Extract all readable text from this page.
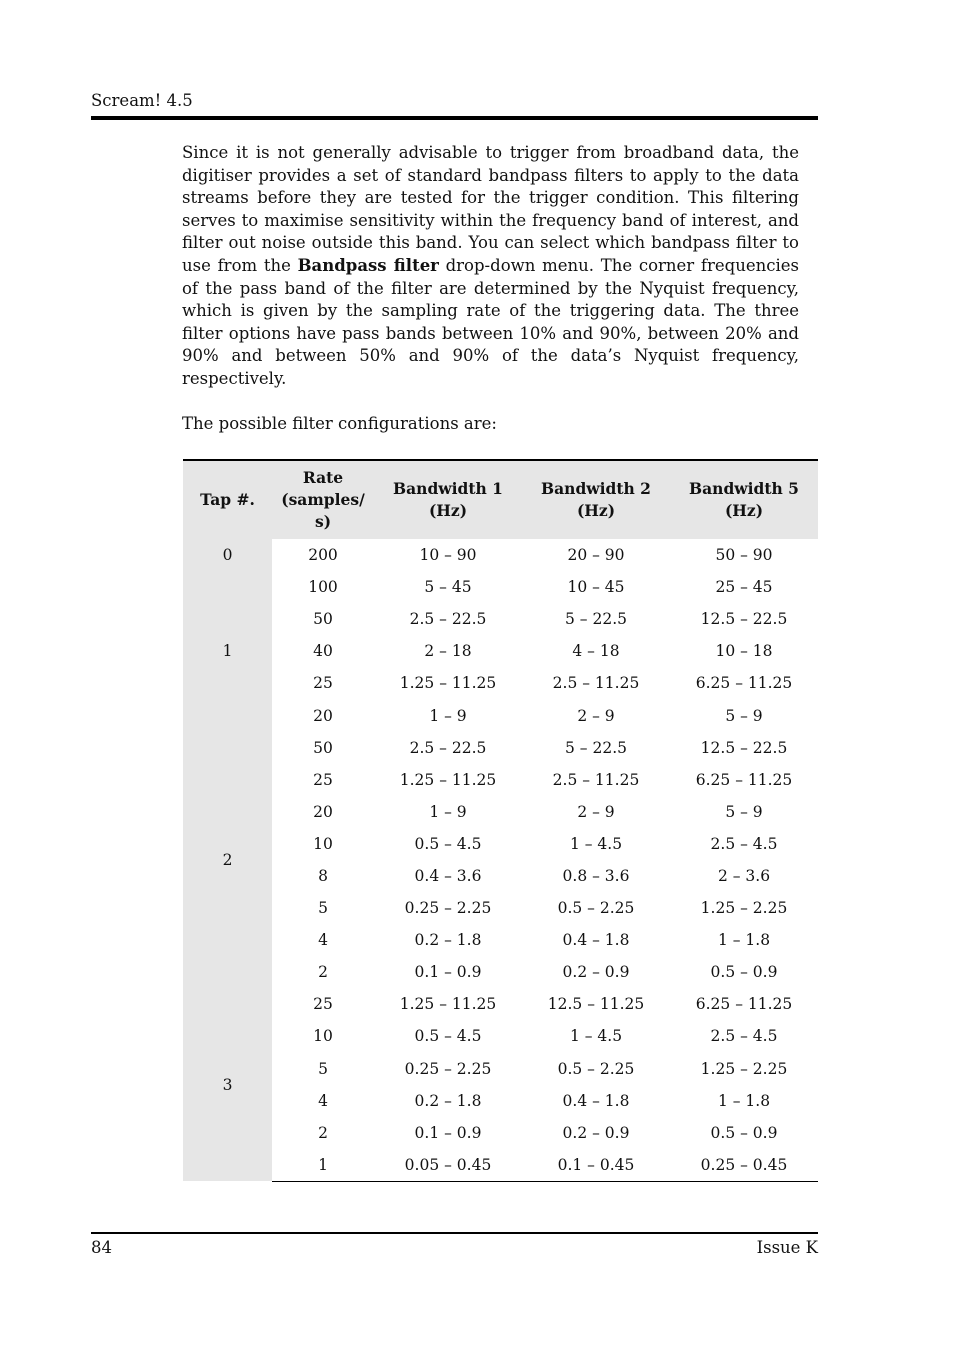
Scream! 4.5
Since it is not generally advisable to trigger from broadband data, the digitiser provides a set of standard bandpass filters to apply to the data streams before they are tested for the trigger condition. This filtering serves to maximise sensitivity within the frequency band of interest, and filter out noise outside this band. You can select which bandpass filter to use from the Bandpass filter drop-down menu. The corner frequencies of the pass band of the filter are determined by the Nyquist frequency, which is given by the sampling rate of the triggering data. The three filter options have pass bands between 10% and 90%, between 20% and 90% and between 50% and 90% of the data’s Nyquist frequency, respectively.
The possible filter configurations are:
Tap #.	Rate (samples/ s)	Bandwidth 1 (Hz)	Bandwidth 2 (Hz)	Bandwidth 5 (Hz)
0	200	10 – 90	20 – 90	50 – 90
1	100	5 – 45	10 – 45	25 – 45
	50	2.5 – 22.5	5 – 22.5	12.5 – 22.5
	40	2 – 18	4 – 18	10 – 18
	25	1.25 – 11.25	2.5 – 11.25	6.25 – 11.25
	20	1 – 9	2 – 9	5 – 9
2	50	2.5 – 22.5	5 – 22.5	12.5 – 22.5
	25	1.25 – 11.25	2.5 – 11.25	6.25 – 11.25
	20	1 – 9	2 – 9	5 – 9
	10	0.5 – 4.5	1 – 4.5	2.5 – 4.5
	8	0.4 – 3.6	0.8 – 3.6	2 – 3.6
	5	0.25 – 2.25	0.5 – 2.25	1.25 – 2.25
	4	0.2 – 1.8	0.4 – 1.8	1 – 1.8
	2	0.1 – 0.9	0.2 – 0.9	0.5 – 0.9
3	25	1.25 – 11.25	12.5 – 11.25	6.25 – 11.25
	10	0.5 – 4.5	1 – 4.5	2.5 – 4.5
	5	0.25 – 2.25	0.5 – 2.25	1.25 – 2.25
	4	0.2 – 1.8	0.4 – 1.8	1 – 1.8
	2	0.1 – 0.9	0.2 – 0.9	0.5 – 0.9
	1	0.05 – 0.45	0.1 – 0.45	0.25 – 0.45
84	Issue K
